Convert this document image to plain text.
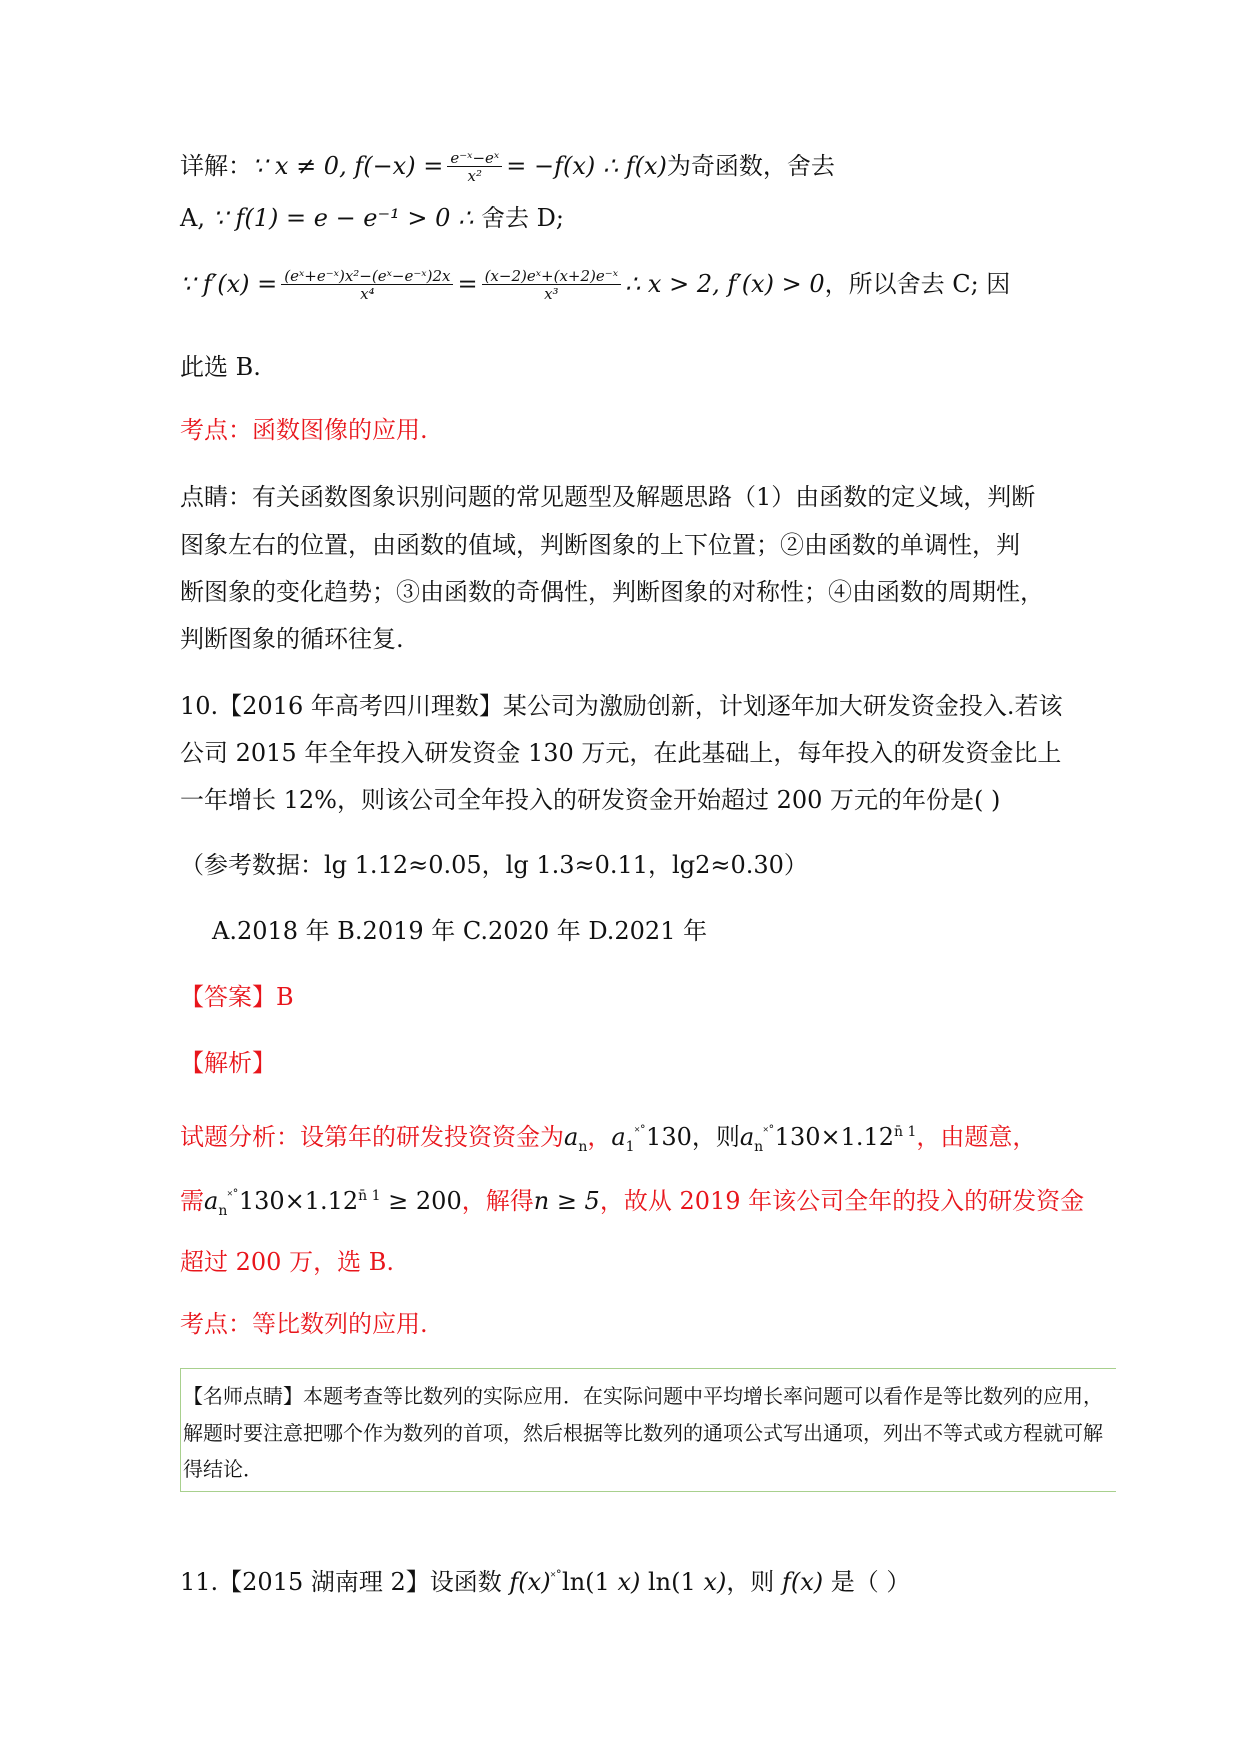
详解：∵ x ≠ 0, $f(-x) = \frac{\text{e⁻ˣ−eˣ}}{\text{x²}} = -f(x)$ ∴ f(x)为奇函数，舍去
A, ∵ f(1) = e − e⁻¹ > 0 ∴ 舍去 D;
∵ $f'(x) = \frac{\text{(eˣ+e⁻ˣ)x²−(eˣ−e⁻ˣ)2x}}{\text{x⁴}} = \frac{\text{(x−2)eˣ+(x+2)e⁻ˣ}}{\text{x³}}$ ∴ x > 2, f′(x) > 0，所以舍去 C; 因
此选 B.
考点：函数图像的应用.
点睛：有关函数图象识别问题的常见题型及解题思路（1）由函数的定义域，判断
图象左右的位置，由函数的值域，判断图象的上下位置；②由函数的单调性，判
断图象的变化趋势；③由函数的奇偶性，判断图象的对称性；④由函数的周期性，
判断图象的循环往复.
10.【2016 年高考四川理数】某公司为激励创新，计划逐年加大研发资金投入.若该
公司 2015 年全年投入研发资金 130 万元，在此基础上，每年投入的研发资金比上
一年增长 12%，则该公司全年投入的研发资金开始超过 200 万元的年份是( )
（参考数据：lg 1.12≈0.05，lg 1.3≈0.11，lg2≈0.30）
A.2018 年 B.2019 年 C.2020 年 D.2021 年
【答案】B
【解析】
试题分析：设第年的研发投资资金为$a_n$，$a_1^{˟˚}130$，则$a_n^{˟˚}130\times 1.12^{n̄ 1}$，由题意，
需$a_n^{˟˚}130\times 1.12^{n̄ 1} \ge 200$，解得n ≥ 5，故从 2019 年该公司全年的投入的研发资金
超过 200 万，选 B.
考点：等比数列的应用.
【名师点睛】本题考查等比数列的实际应用．在实际问题中平均增长率问题可以看作是等比数列的应用，
解题时要注意把哪个作为数列的首项，然后根据等比数列的通项公式写出通项，列出不等式或方程就可解
得结论．
11.【2015 湖南理 2】设函数 f(x)˟˚ln(1 x) ln(1 x)，则 f(x) 是（ ）
